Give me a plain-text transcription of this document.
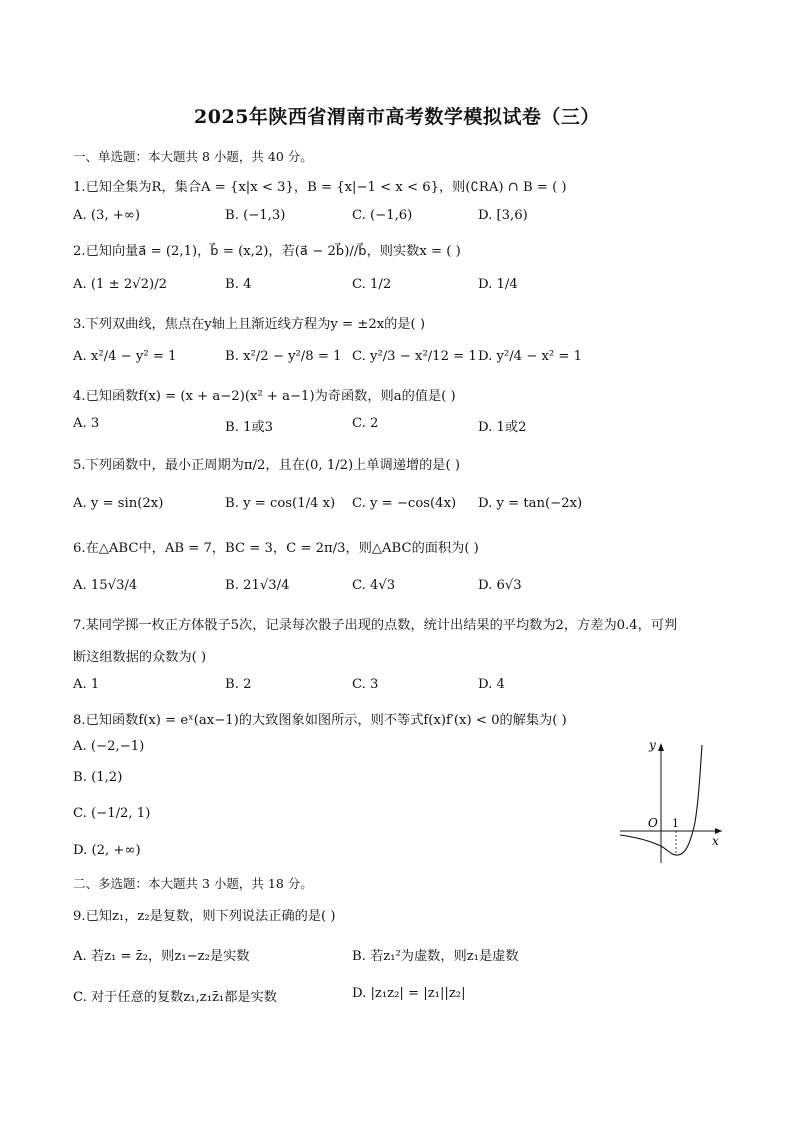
2025年陕西省渭南市高考数学模拟试卷（三）
一、单选题：本大题共 8 小题，共 40 分。
1.已知全集为R，集合A = {x|x < 3}，B = {x|−1 < x < 6}，则(∁RA) ∩ B = ( )
A. (3, +∞)	B. (−1,3)	C. (−1,6)	D. [3,6)
2.已知向量a⃗ = (2,1)，b⃗ = (x,2)，若(a⃗ − 2b⃗)//b⃗，则实数x = ( )
A. (1 ± 2√2)/2	B. 4	C. 1/2	D. 1/4
3.下列双曲线，焦点在y轴上且渐近线方程为y = ±2x的是( )
A. x²/4 − y² = 1	B. x²/2 − y²/8 = 1 C. y²/3 − x²/12 = 1 D. y²/4 − x² = 1
4.已知函数f(x) = (x + a−2)(x² + a−1)为奇函数，则a的值是( )
A. 3	B. 1或3	C. 2	D. 1或2
5.下列函数中，最小正周期为π/2，且在(0, 1/2)上单调递增的是( )
A. y = sin(2x)	B. y = cos(1/4 x) C. y = −cos(4x) D. y = tan(−2x)
6.在△ABC中，AB = 7，BC = 3，C = 2π/3，则△ABC的面积为( )
A. 15√3/4	B. 21√3/4	C. 4√3	D. 6√3
7.某同学掷一枚正方体骰子5次，记录每次骰子出现的点数，统计出结果的平均数为2，方差为0.4，可判
断这组数据的众数为( )
A. 1	B. 2	C. 3	D. 4
8.已知函数f(x) = eˣ(ax−1)的大致图象如图所示，则不等式f(x)f′(x) < 0的解集为( )
A. (−2,−1)
B. (1,2)
C. (−1/2, 1)
D. (2, +∞)
y
x
O 1
二、多选题：本大题共 3 小题，共 18 分。
9.已知z₁，z₂是复数，则下列说法正确的是( )
A. 若z₁ = z̄₂，则z₁−z₂是实数	B. 若z₁²为虚数，则z₁是虚数
C. 对于任意的复数z₁,z₁z̄₁都是实数	D. |z₁z₂| = |z₁||z₂|
